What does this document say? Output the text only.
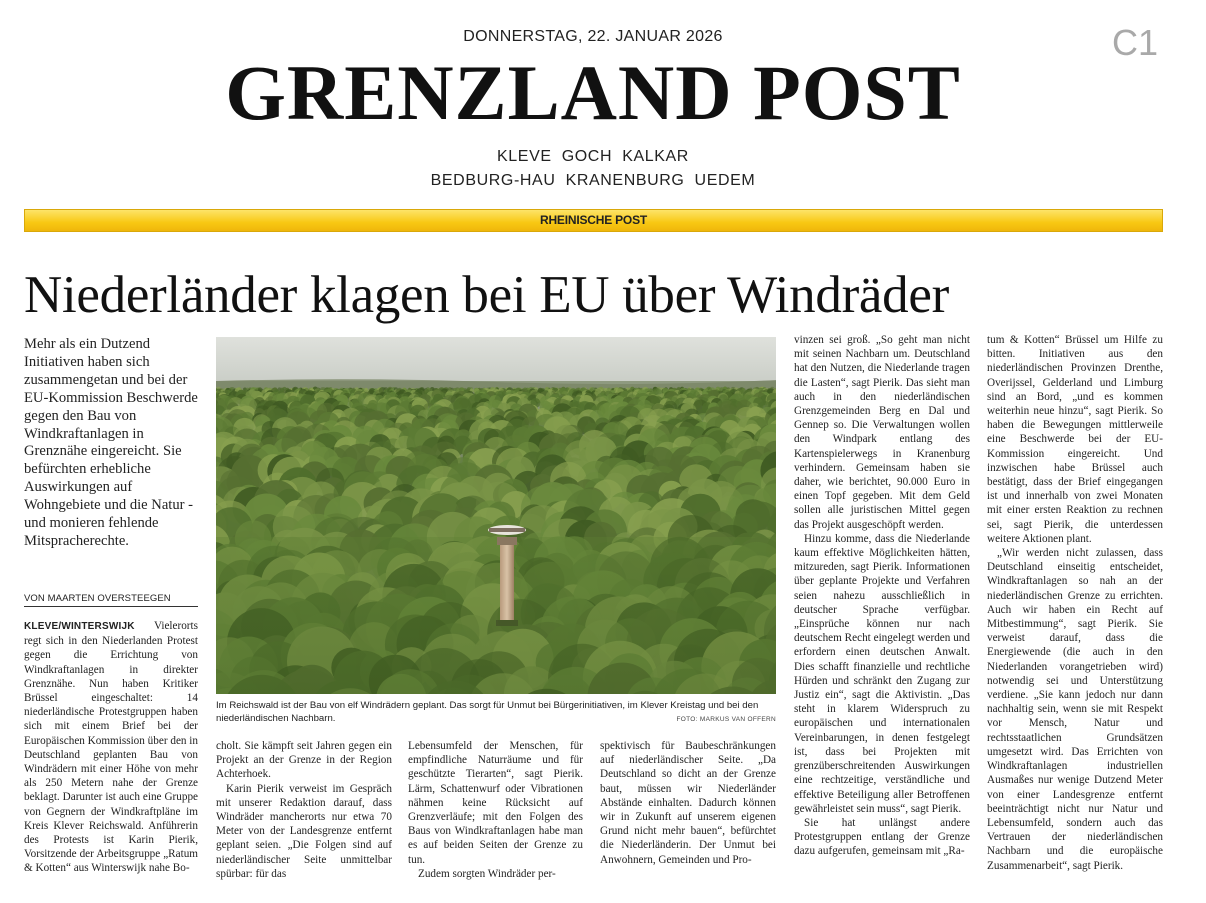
DONNERSTAG, 22. JANUAR 2026	C1
GRENZLAND POST
KLEVE  GOCH  KALKAR
BEDBURG-HAU  KRANENBURG  UEDEM
RHEINISCHE POST
Niederländer klagen bei EU über Windräder
Mehr als ein Dutzend Initiativen haben sich zusammengetan und bei der EU-Kommission Beschwerde gegen den Bau von Windkraftanlagen in Grenznähe eingereicht. Sie befürchten erhebliche Auswirkungen auf Wohngebiete und die Natur - und monieren fehlende Mitspracherechte.
VON MAARTEN OVERSTEEGEN

KLEVE/WINTERSWIJK Vielerorts regt sich in den Niederlanden Protest gegen die Errichtung von Windkraftanlagen in direkter Grenznähe. Nun haben Kritiker Brüssel eingeschaltet: 14 niederländische Protestgruppen haben sich mit einem Brief bei der Europäischen Kommission über den in Deutschland geplanten Bau von Windrädern mit einer Höhe von mehr als 250 Metern nahe der Grenze beklagt. Darunter ist auch eine Gruppe von Gegnern der Windkraftpläne im Kreis Klever Reichswald. Anführerin des Protests ist Karin Pierik, Vorsitzende der Arbeitsgruppe „Ratum & Kotten“ aus Winterswijk nahe Bo-

Im Reichswald ist der Bau von elf Windrädern geplant. Das sorgt für Unmut bei Bürgerinitiativen, im Klever Kreistag und bei den niederländischen Nachbarn.	FOTO: MARKUS VAN OFFERN

cholt. Sie kämpft seit Jahren gegen ein Projekt an der Grenze in der Region Achterhoek.

Karin Pierik verweist im Gespräch mit unserer Redaktion darauf, dass Windräder mancherorts nur etwa 70 Meter von der Landesgrenze entfernt geplant seien. „Die Folgen sind auf niederländischer Seite unmittelbar spürbar: für das

Lebensumfeld der Menschen, für empfindliche Naturräume und für geschützte Tierarten“, sagt Pierik. Lärm, Schattenwurf oder Vibrationen nähmen keine Rücksicht auf Grenzverläufe; mit den Folgen des Baus von Windkraftanlagen habe man es auf beiden Seiten der Grenze zu tun.

Zudem sorgten Windräder per-

spektivisch für Baubeschränkungen auf niederländischer Seite. „Da Deutschland so dicht an der Grenze baut, müssen wir Niederländer Abstände einhalten. Dadurch können wir in Zukunft auf unserem eigenen Grund nicht mehr bauen“, befürchtet die Niederländerin. Der Unmut bei Anwohnern, Gemeinden und Pro-

vinzen sei groß. „So geht man nicht mit seinen Nachbarn um. Deutschland hat den Nutzen, die Niederlande tragen die Lasten“, sagt Pierik. Das sieht man auch in den niederländischen Grenzgemeinden Berg en Dal und Gennep so. Die Verwaltungen wollen den Windpark entlang des Kartenspielerwegs in Kranenburg verhindern. Gemeinsam haben sie daher, wie berichtet, 90.000 Euro in einen Topf gegeben. Mit dem Geld sollen alle juristischen Mittel gegen das Projekt ausgeschöpft werden.

Hinzu komme, dass die Niederlande kaum effektive Möglichkeiten hätten, mitzureden, sagt Pierik. Informationen über geplante Projekte und Verfahren seien nahezu ausschließlich in deutscher Sprache verfügbar. „Einsprüche können nur nach deutschem Recht eingelegt werden und erfordern einen deutschen Anwalt. Dies schafft finanzielle und rechtliche Hürden und schränkt den Zugang zur Justiz ein“, sagt die Aktivistin. „Das steht in klarem Widerspruch zu europäischen und internationalen Vereinbarungen, in denen festgelegt ist, dass bei Projekten mit grenzüberschreitenden Auswirkungen eine rechtzeitige, verständliche und effektive Beteiligung aller Betroffenen gewährleistet sein muss“, sagt Pierik.

Sie hat unlängst andere Protestgruppen entlang der Grenze dazu aufgerufen, gemeinsam mit „Ra-

tum & Kotten“ Brüssel um Hilfe zu bitten. Initiativen aus den niederländischen Provinzen Drenthe, Overijssel, Gelderland und Limburg sind an Bord, „und es kommen weiterhin neue hinzu“, sagt Pierik. So haben die Bewegungen mittlerweile eine Beschwerde bei der EU-Kommission eingereicht. Und inzwischen habe Brüssel auch bestätigt, dass der Brief eingegangen ist und innerhalb von zwei Monaten mit einer ersten Reaktion zu rechnen sei, sagt Pierik, die unterdessen weitere Aktionen plant.

„Wir werden nicht zulassen, dass Deutschland einseitig entscheidet, Windkraftanlagen so nah an der niederländischen Grenze zu errichten. Auch wir haben ein Recht auf Mitbestimmung“, sagt Pierik. Sie verweist darauf, dass die Energiewende (die auch in den Niederlanden vorangetrieben wird) notwendig sei und Unterstützung verdiene. „Sie kann jedoch nur dann nachhaltig sein, wenn sie mit Respekt vor Mensch, Natur und rechtsstaatlichen Grundsätzen umgesetzt wird. Das Errichten von Windkraftanlagen industriellen Ausmaßes nur wenige Dutzend Meter von einer Landesgrenze entfernt beeinträchtigt nicht nur Natur und Lebensumfeld, sondern auch das Vertrauen der niederländischen Nachbarn und die europäische Zusammenarbeit“, sagt Pierik.
